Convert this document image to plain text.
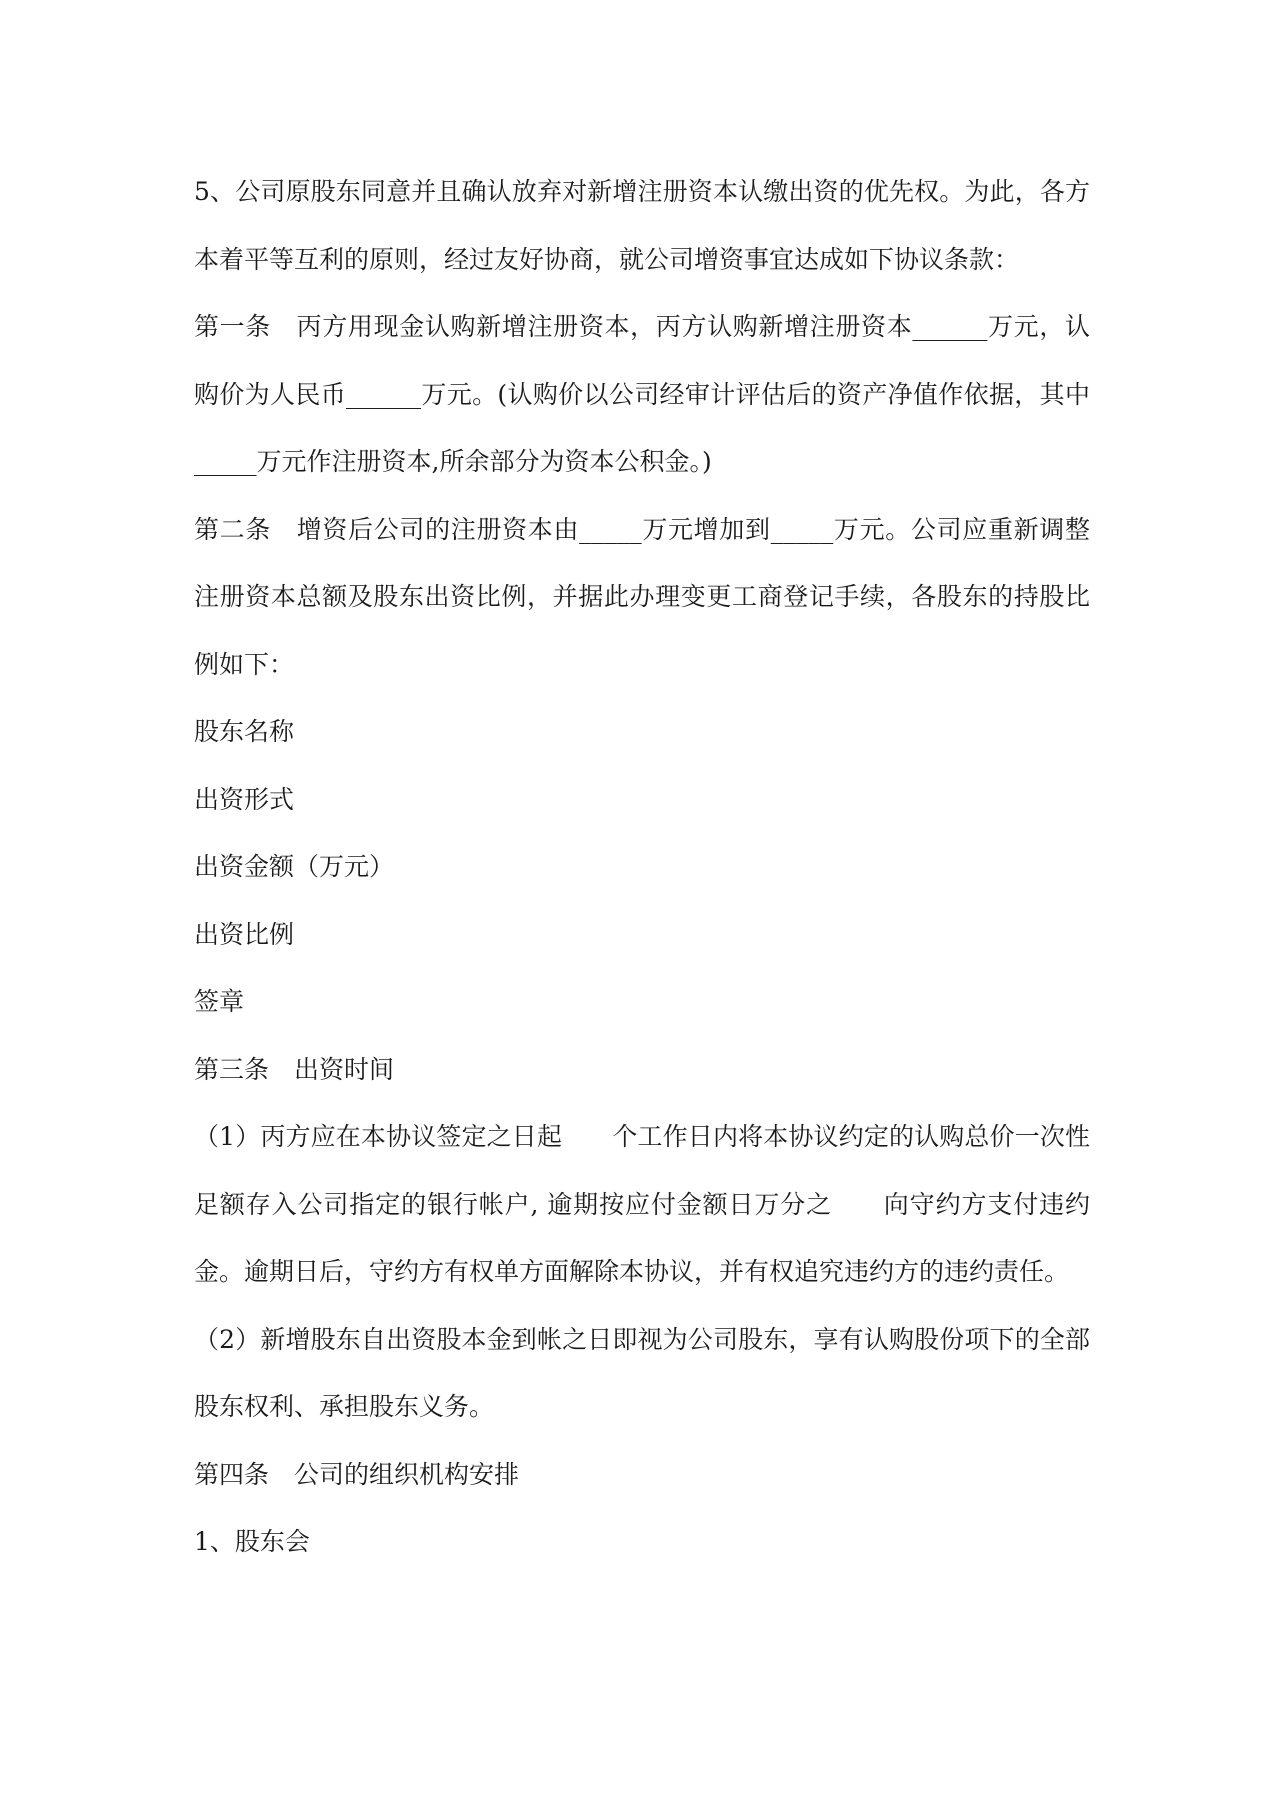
5、公司原股东同意并且确认放弃对新增注册资本认缴出资的优先权。为此，各方本着平等互利的原则，经过友好协商，就公司增资事宜达成如下协议条款：

第一条　丙方用现金认购新增注册资本，丙方认购新增注册资本______万元，认购价为人民币______万元。(认购价以公司经审计评估后的资产净值作依据，其中_____万元作注册资本,所余部分为资本公积金。)

第二条　增资后公司的注册资本由_____万元增加到_____万元。公司应重新调整注册资本总额及股东出资比例，并据此办理变更工商登记手续，各股东的持股比例如下：

股东名称

出资形式

出资金额（万元）

出资比例

签章

第三条　出资时间

（1）丙方应在本协议签定之日起　　个工作日内将本协议约定的认购总价一次性足额存入公司指定的银行帐户, 逾期按应付金额日万分之　　向守约方支付违约金。逾期日后，守约方有权单方面解除本协议，并有权追究违约方的违约责任。

（2）新增股东自出资股本金到帐之日即视为公司股东，享有认购股份项下的全部股东权利、承担股东义务。

第四条　公司的组织机构安排

1、股东会
